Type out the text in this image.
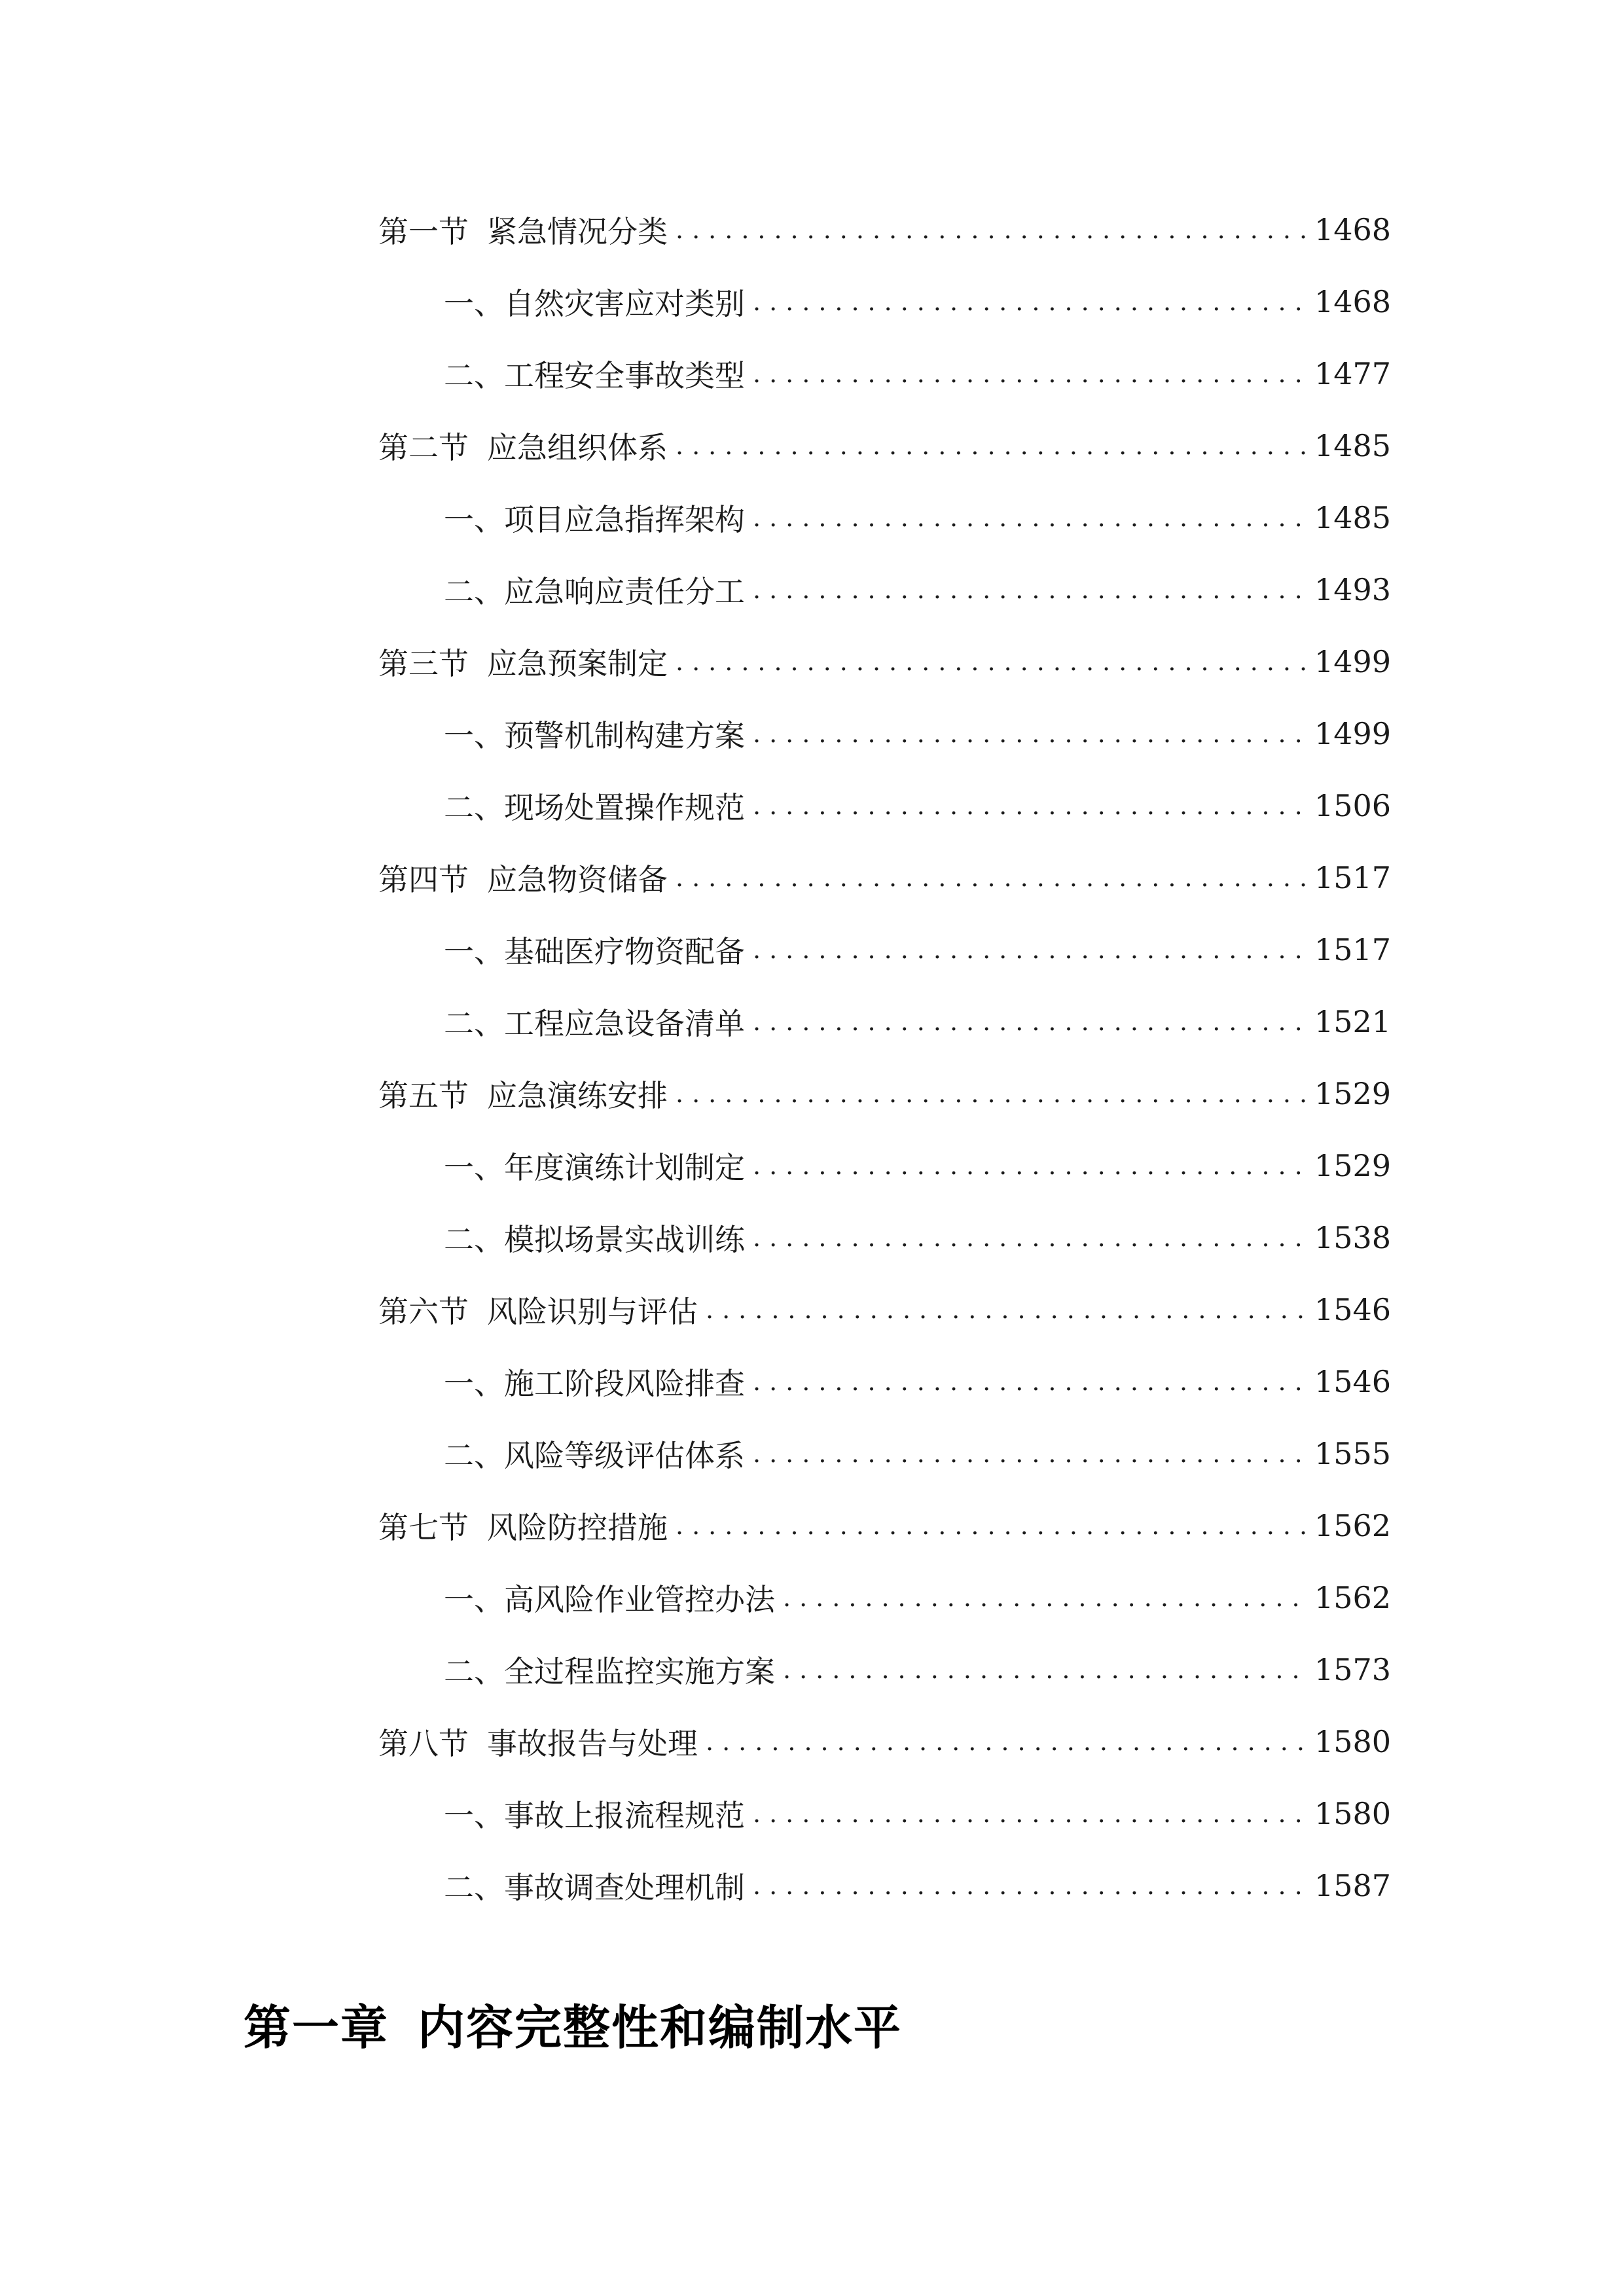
第一节 紧急情况分类 .....	1468
一、 自然灾害应对类别 .....	1468
二、 工程安全事故类型 .....	1477
第二节 应急组织体系 .....	1485
一、 项目应急指挥架构 .....	1485
二、 应急响应责任分工 .....	1493
第三节 应急预案制定 .....	1499
一、 预警机制构建方案 .....	1499
二、 现场处置操作规范 .....	1506
第四节 应急物资储备 .....	1517
一、 基础医疗物资配备 .....	1517
二、 工程应急设备清单 .....	1521
第五节 应急演练安排 .....	1529
一、 年度演练计划制定 .....	1529
二、 模拟场景实战训练 .....	1538
第六节 风险识别与评估 .....	1546
一、 施工阶段风险排查 .....	1546
二、 风险等级评估体系 .....	1555
第七节 风险防控措施 .....	1562
一、 高风险作业管控办法 .....	1562
二、 全过程监控实施方案 .....	1573
第八节 事故报告与处理 .....	1580
一、 事故上报流程规范 .....	1580
二、 事故调查处理机制 .....	1587
第一章 内容完整性和编制水平
